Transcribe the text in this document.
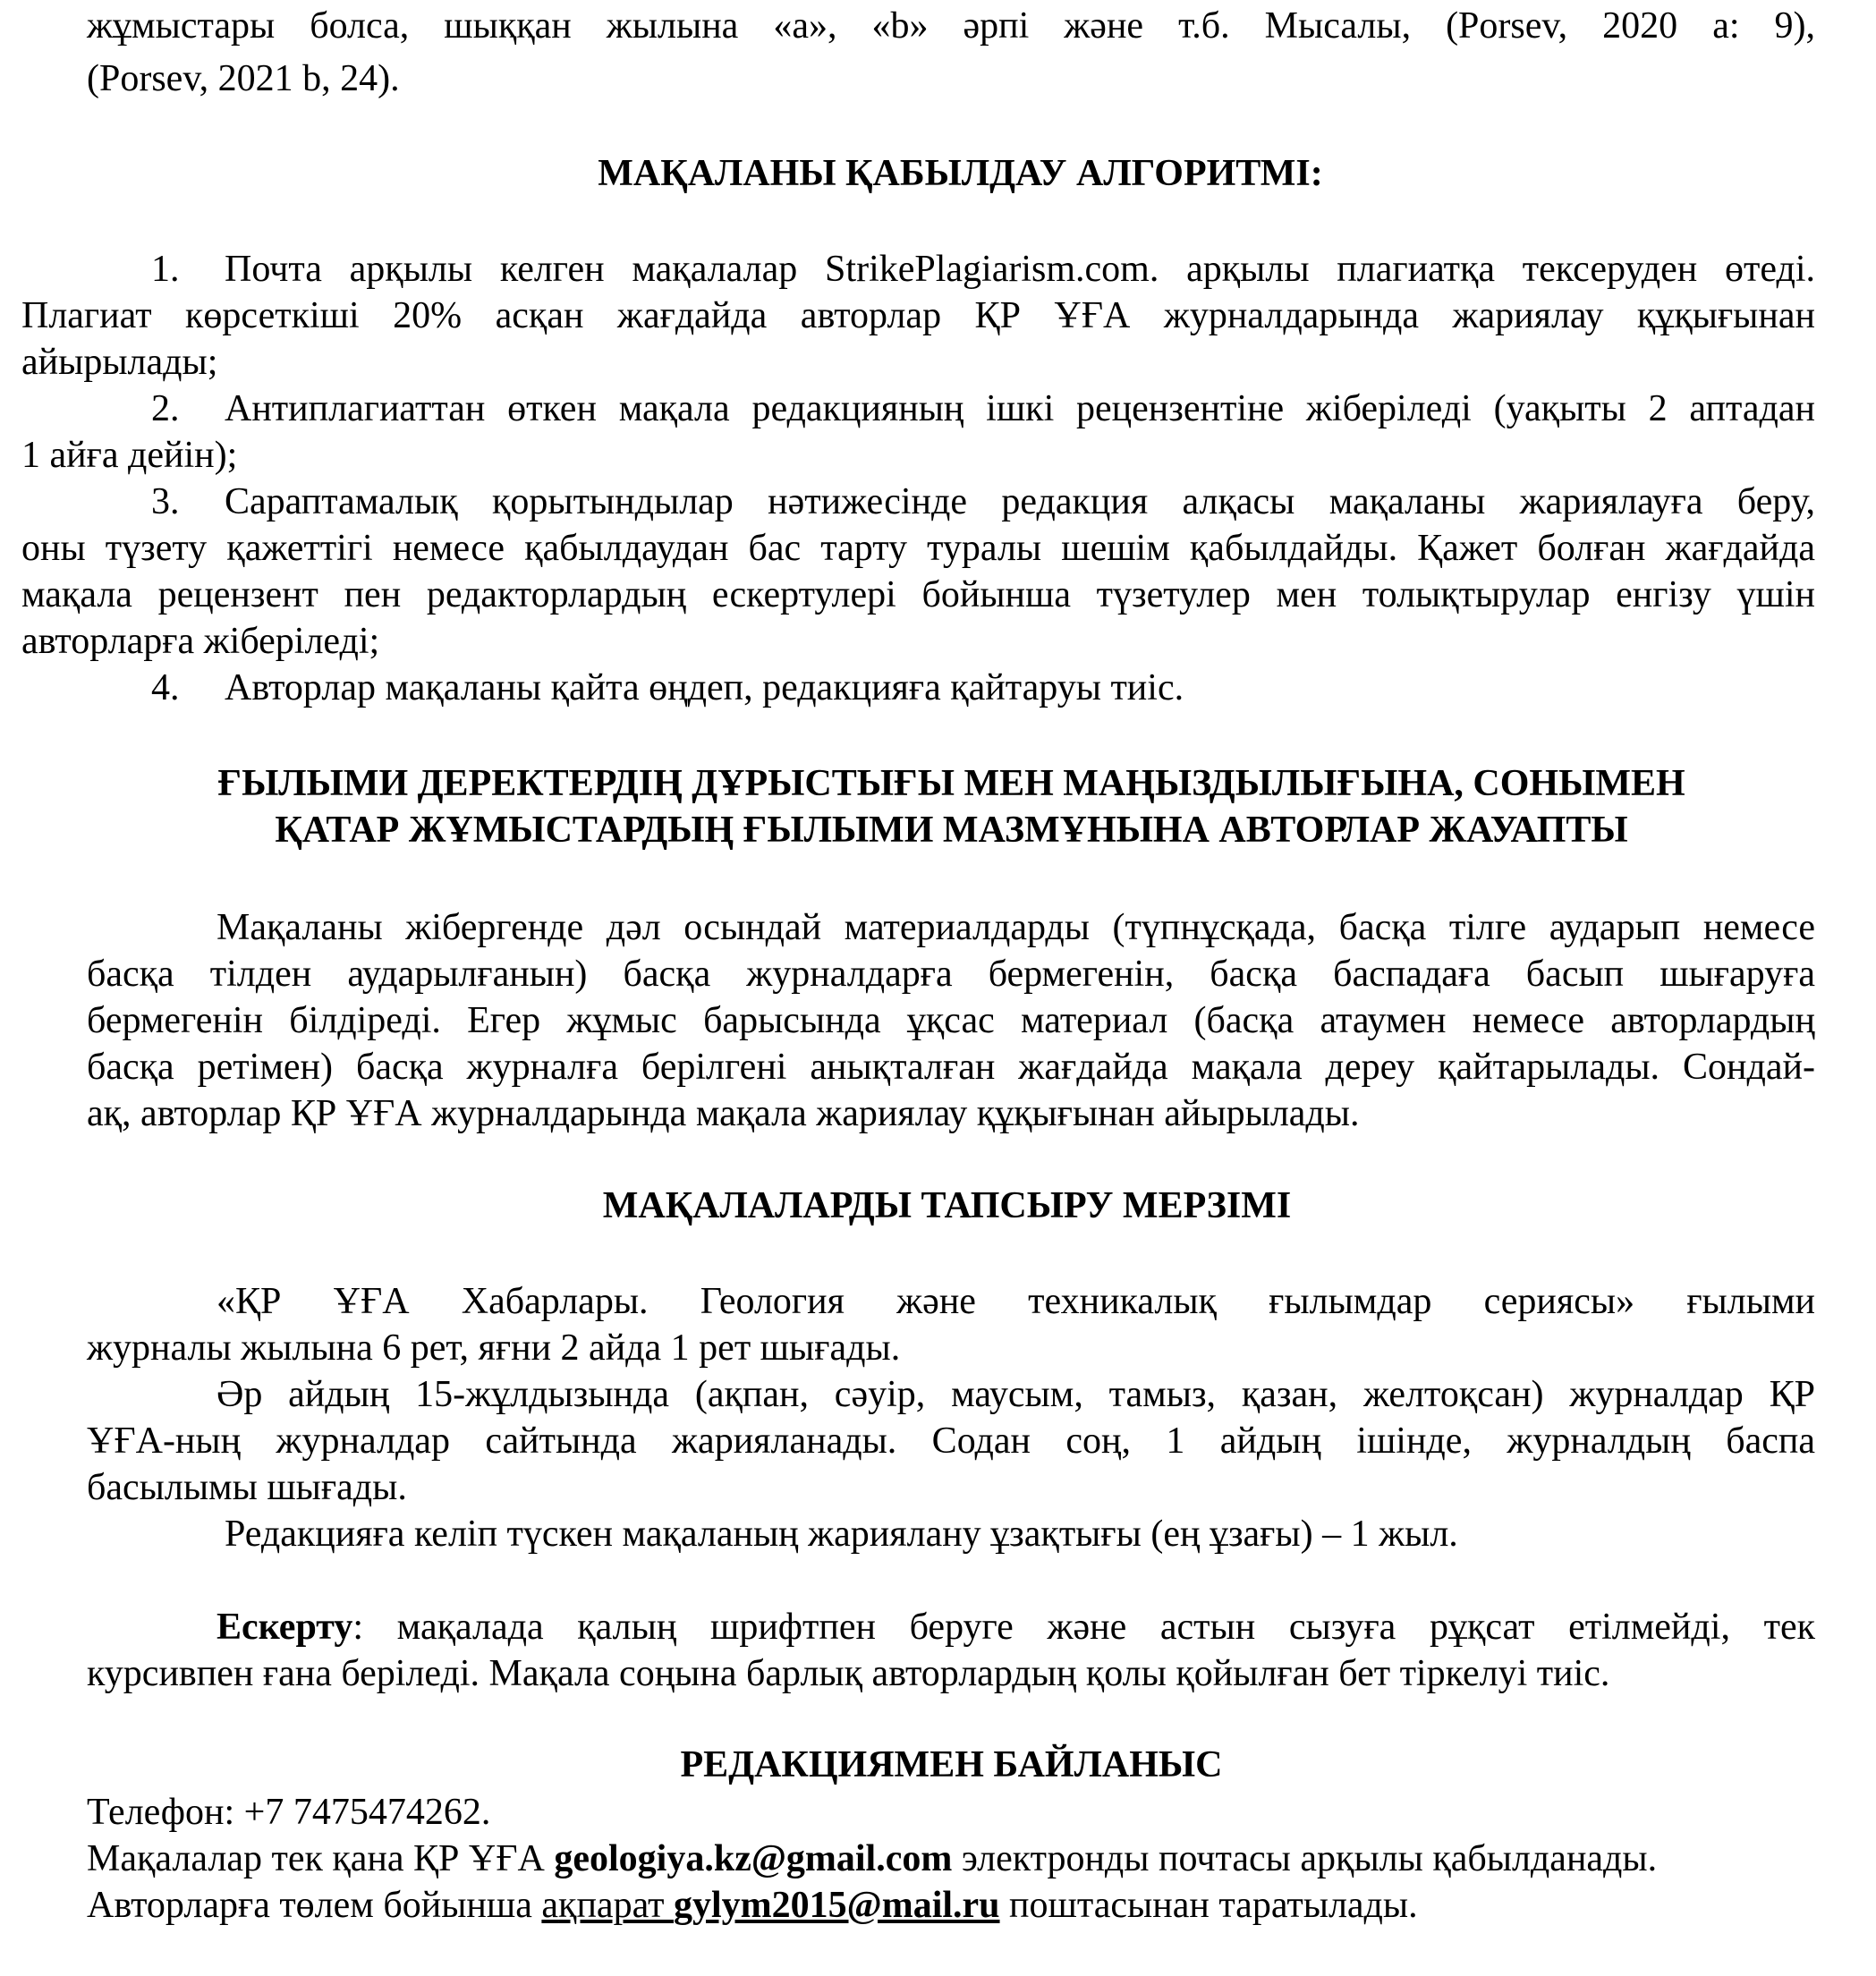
жұмыстары болса, шыққан жылына «a», «b» әрпі және т.б. Мысалы, (Porsev, 2020 a: 9),
(Porsev, 2021 b, 24).
МАҚАЛАНЫ ҚАБЫЛДАУ АЛГОРИТМІ:
1. Почта арқылы келген мақалалар StrikePlagiarism.com. арқылы плагиатқа тексеруден өтеді.
Плагиат көрсеткіші 20% асқан жағдайда авторлар ҚР ҰҒА журналдарында жариялау құқығынан
айырылады;
2. Антиплагиаттан өткен мақала редакцияның ішкі рецензентіне жіберіледі (уақыты 2 аптадан
1 айға дейін);
3. Сараптамалық қорытындылар нәтижесінде редакция алқасы мақаланы жариялауға беру,
оны түзету қажеттігі немесе қабылдаудан бас тарту туралы шешім қабылдайды. Қажет болған жағдайда
мақала рецензент пен редакторлардың ескертулері бойынша түзетулер мен толықтырулар енгізу үшін
авторларға жіберіледі;
4. Авторлар мақаланы қайта өңдеп, редакцияға қайтаруы тиіс.
ҒЫЛЫМИ ДЕРЕКТЕРДІҢ ДҰРЫСТЫҒЫ МЕН МАҢЫЗДЫЛЫҒЫНА, СОНЫМЕН
ҚАТАР ЖҰМЫСТАРДЫҢ ҒЫЛЫМИ МАЗМҰНЫНА АВТОРЛАР ЖАУАПТЫ
Мақаланы жібергенде дәл осындай материалдарды (түпнұсқада, басқа тілге аударып немесе
басқа тілден аударылғанын) басқа журналдарға бермегенін, басқа баспадаға басып шығаруға
бермегенін білдіреді. Егер жұмыс барысында ұқсас материал (басқа атаумен немесе авторлардың
басқа ретімен) басқа журналға берілгені анықталған жағдайда мақала дереу қайтарылады. Сондай-
ақ, авторлар ҚР ҰҒА журналдарында мақала жариялау құқығынан айырылады.
МАҚАЛАЛАРДЫ ТАПСЫРУ МЕРЗІМІ
«ҚР ҰҒА Хабарлары. Геология және техникалық ғылымдар сериясы» ғылыми
журналы жылына 6 рет, яғни 2 айда 1 рет шығады.
Әр айдың 15-жұлдызында (ақпан, сәуір, маусым, тамыз, қазан, желтоқсан) журналдар ҚР
ҰҒА-ның журналдар сайтында жарияланады. Содан соң, 1 айдың ішінде, журналдың баспа
басылымы шығады.
Редакцияға келіп түскен мақаланың жариялану ұзақтығы (ең ұзағы) – 1 жыл.
Ескерту: мақалада қалың шрифтпен беруге және астын сызуға рұқсат етілмейді, тек
курсивпен ғана беріледі. Мақала соңына барлық авторлардың қолы қойылған бет тіркелуі тиіс.
РЕДАКЦИЯМЕН БАЙЛАНЫС
Телефон: +7 7475474262.
Мақалалар тек қана ҚР ҰҒА geologiya.kz@gmail.com электронды почтасы арқылы қабылданады.
Авторларға төлем бойынша ақпарат gylym2015@mail.ru поштасынан таратылады.
